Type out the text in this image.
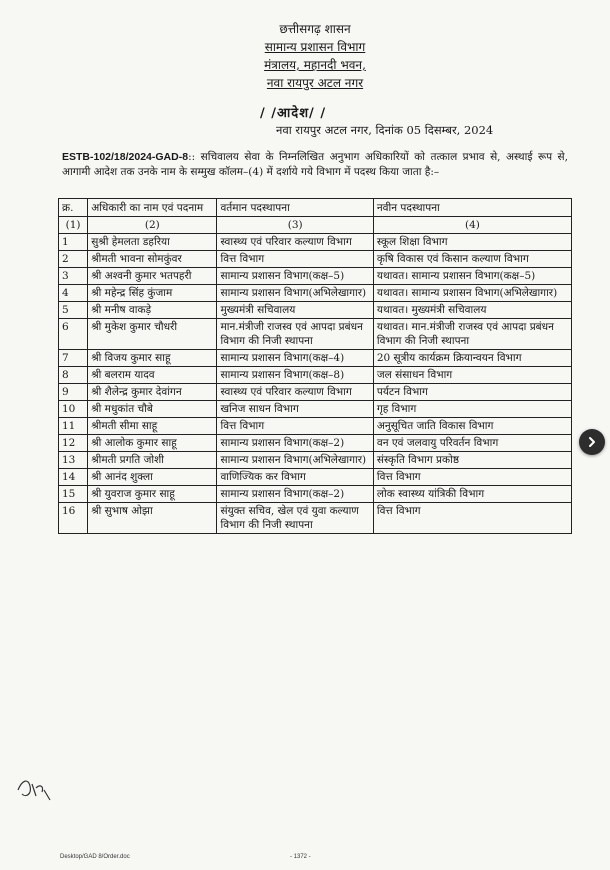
छत्तीसगढ़ शासन
सामान्य प्रशासन विभाग
मंत्रालय, महानदी भवन,
नवा रायपुर अटल नगर
/ /आदेश/ /
नवा रायपुर अटल नगर, दिनांक 05 दिसम्बर, 2024
ESTB-102/18/2024-GAD-8:: सचिवालय सेवा के निम्नलिखित अनुभाग अधिकारियों को तत्काल प्रभाव से, अस्थाई रूप से, आगामी आदेश तक उनके नाम के सम्मुख कॉलम–(4) में दर्शाये गये विभाग में पदस्थ किया जाता है:–
क्र.	अधिकारी का नाम एवं पदनाम	वर्तमान पदस्थापना	नवीन पदस्थापना
(1)	(2)	(3)	(4)
1	सुश्री हेमलता डहरिया	स्वास्थ्य एवं परिवार कल्याण विभाग	स्कूल शिक्षा विभाग
2	श्रीमती भावना सोमकुंवर	वित्त विभाग	कृषि विकास एवं किसान कल्याण विभाग
3	श्री अश्वनी कुमार भतपहरी	सामान्य प्रशासन विभाग(कक्ष–5)	यथावत। सामान्य प्रशासन विभाग(कक्ष–5)
4	श्री महेन्द्र सिंह कुंजाम	सामान्य प्रशासन विभाग(अभिलेखागार)	यथावत। सामान्य प्रशासन विभाग(अभिलेखागार)
5	श्री मनीष वाकड़े	मुख्यमंत्री सचिवालय	यथावत। मुख्यमंत्री सचिवालय
6	श्री मुकेश कुमार चौधरी	मान.मंत्रीजी राजस्व एवं आपदा प्रबंधन विभाग की निजी स्थापना	यथावत। मान.मंत्रीजी राजस्व एवं आपदा प्रबंधन विभाग की निजी स्थापना
7	श्री विजय कुमार साहू	सामान्य प्रशासन विभाग(कक्ष–4)	20 सूत्रीय कार्यक्रम क्रियान्वयन विभाग
8	श्री बलराम यादव	सामान्य प्रशासन विभाग(कक्ष–8)	जल संसाधन विभाग
9	श्री शैलेन्द्र कुमार देवांगन	स्वास्थ्य एवं परिवार कल्याण विभाग	पर्यटन विभाग
10	श्री मधुकांत चौबे	खनिज साधन विभाग	गृह विभाग
11	श्रीमती सीमा साहू	वित्त विभाग	अनुसूचित जाति विकास विभाग
12	श्री आलोक कुमार साहू	सामान्य प्रशासन विभाग(कक्ष–2)	वन एवं जलवायु परिवर्तन विभाग
13	श्रीमती प्रगति जोशी	सामान्य प्रशासन विभाग(अभिलेखागार)	संस्कृति विभाग प्रकोष्ठ
14	श्री आनंद शुक्ला	वाणिज्यिक कर विभाग	वित्त विभाग
15	श्री युवराज कुमार साहू	सामान्य प्रशासन विभाग(कक्ष–2)	लोक स्वास्थ्य यांत्रिकी विभाग
16	श्री सुभाष ओझा	संयुक्त सचिव, खेल एवं युवा कल्याण विभाग की निजी स्थापना	वित्त विभाग
Desktop/GAD 8/Order.doc	- 1372 -
